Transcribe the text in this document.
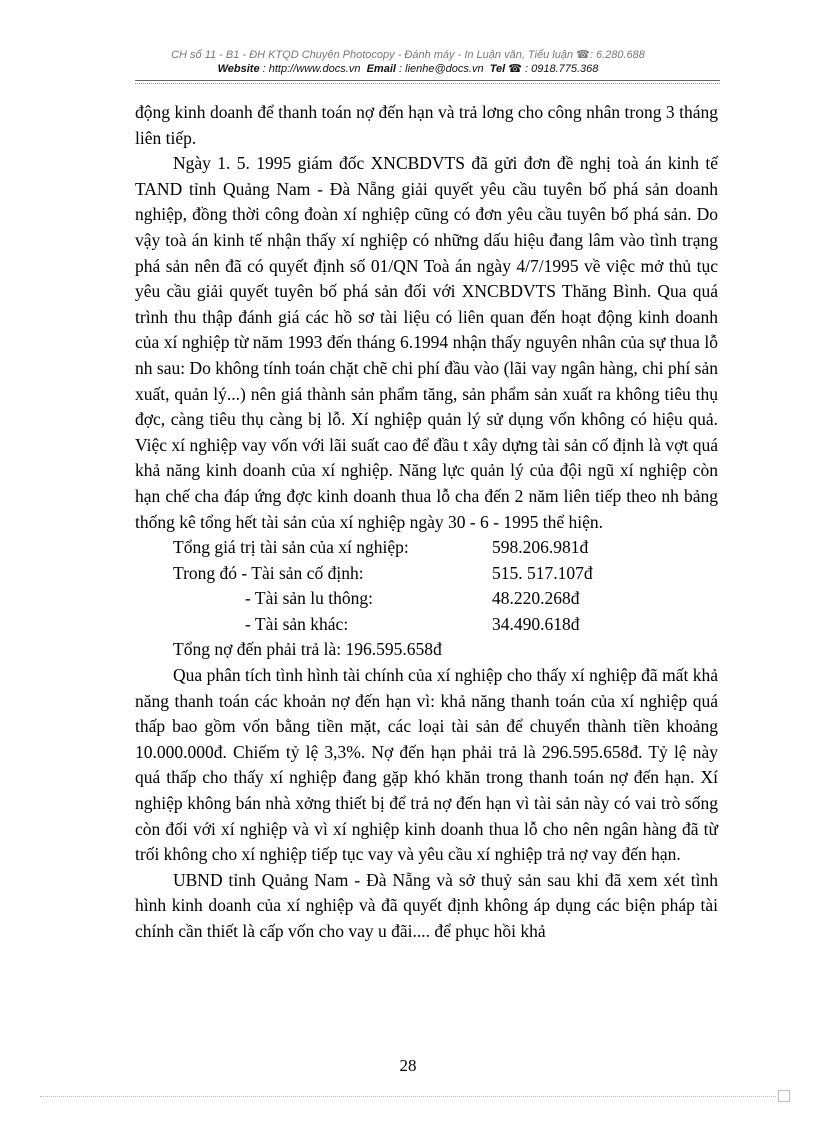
CH số 11 - B1 - ĐH KTQD Chuyên Photocopy - Đánh máy - In Luận văn, Tiểu luận ☎: 6.280.688
Website : http://www.docs.vn Email : lienhe@docs.vn Tel ☎ : 0918.775.368

động kinh doanh để thanh toán nợ đến hạn và trả lơng cho công nhân trong 3 tháng liên tiếp.

Ngày 1. 5. 1995 giám đốc XNCBDVTS đã gửi đơn đề nghị toà án kinh tế TAND tỉnh Quảng Nam - Đà Nẵng giải quyết yêu cầu tuyên bố phá sản doanh nghiệp, đồng thời công đoàn xí nghiệp cũng có đơn yêu cầu tuyên bố phá sản. Do vậy toà án kinh tế nhận thấy xí nghiệp có những dấu hiệu đang lâm vào tình trạng phá sản nên đã có quyết định số 01/QN Toà án ngày 4/7/1995 về việc mở thủ tục yêu cầu giải quyết tuyên bố phá sản đối với XNCBDVTS Thăng Bình. Qua quá trình thu thập đánh giá các hồ sơ tài liệu có liên quan đến hoạt động kinh doanh của xí nghiệp từ năm 1993 đến tháng 6.1994 nhận thấy nguyên nhân của sự thua lỗ nh sau: Do không tính toán chặt chẽ chi phí đầu vào (lãi vay ngân hàng, chi phí sản xuất, quản lý...) nên giá thành sản phẩm tăng, sản phẩm sản xuất ra không tiêu thụ đợc, càng tiêu thụ càng bị lỗ. Xí nghiệp quản lý sử dụng vốn không có hiệu quả. Việc xí nghiệp vay vốn với lãi suất cao để đầu t xây dựng tài sản cố định là vợt quá khả năng kinh doanh của xí nghiệp. Năng lực quản lý của đội ngũ xí nghiệp còn hạn chế cha đáp ứng đợc kinh doanh thua lỗ cha đến 2 năm liên tiếp theo nh bảng thống kê tổng hết tài sản của xí nghiệp ngày 30 - 6 - 1995 thể hiện.

Tổng giá trị tài sản của xí nghiệp:	598.206.981đ
Trong đó - Tài sản cố định:	515. 517.107đ
- Tài sản lu thông:	48.220.268đ
- Tài sản khác:	34.490.618đ
Tổng nợ đến phải trả là: 196.595.658đ

Qua phân tích tình hình tài chính của xí nghiệp cho thấy xí nghiệp đã mất khả năng thanh toán các khoản nợ đến hạn vì: khả năng thanh toán của xí nghiệp quá thấp bao gồm vốn bằng tiền mặt, các loại tài sản để chuyển thành tiền khoảng 10.000.000đ. Chiếm tỷ lệ 3,3%. Nợ đến hạn phải trả là 296.595.658đ. Tỷ lệ này quá thấp cho thấy xí nghiệp đang gặp khó khăn trong thanh toán nợ đến hạn. Xí nghiệp không bán nhà xởng thiết bị để trả nợ đến hạn vì tài sản này có vai trò sống còn đối với xí nghiệp và vì xí nghiệp kinh doanh thua lỗ cho nên ngân hàng đã từ trối không cho xí nghiệp tiếp tục vay và yêu cầu xí nghiệp trả nợ vay đến hạn.

UBND tỉnh Quảng Nam - Đà Nẵng và sở thuỷ sản sau khi đã xem xét tình hình kinh doanh của xí nghiệp và đã quyết định không áp dụng các biện pháp tài chính cần thiết là cấp vốn cho vay u đãi.... để phục hồi khả

28
